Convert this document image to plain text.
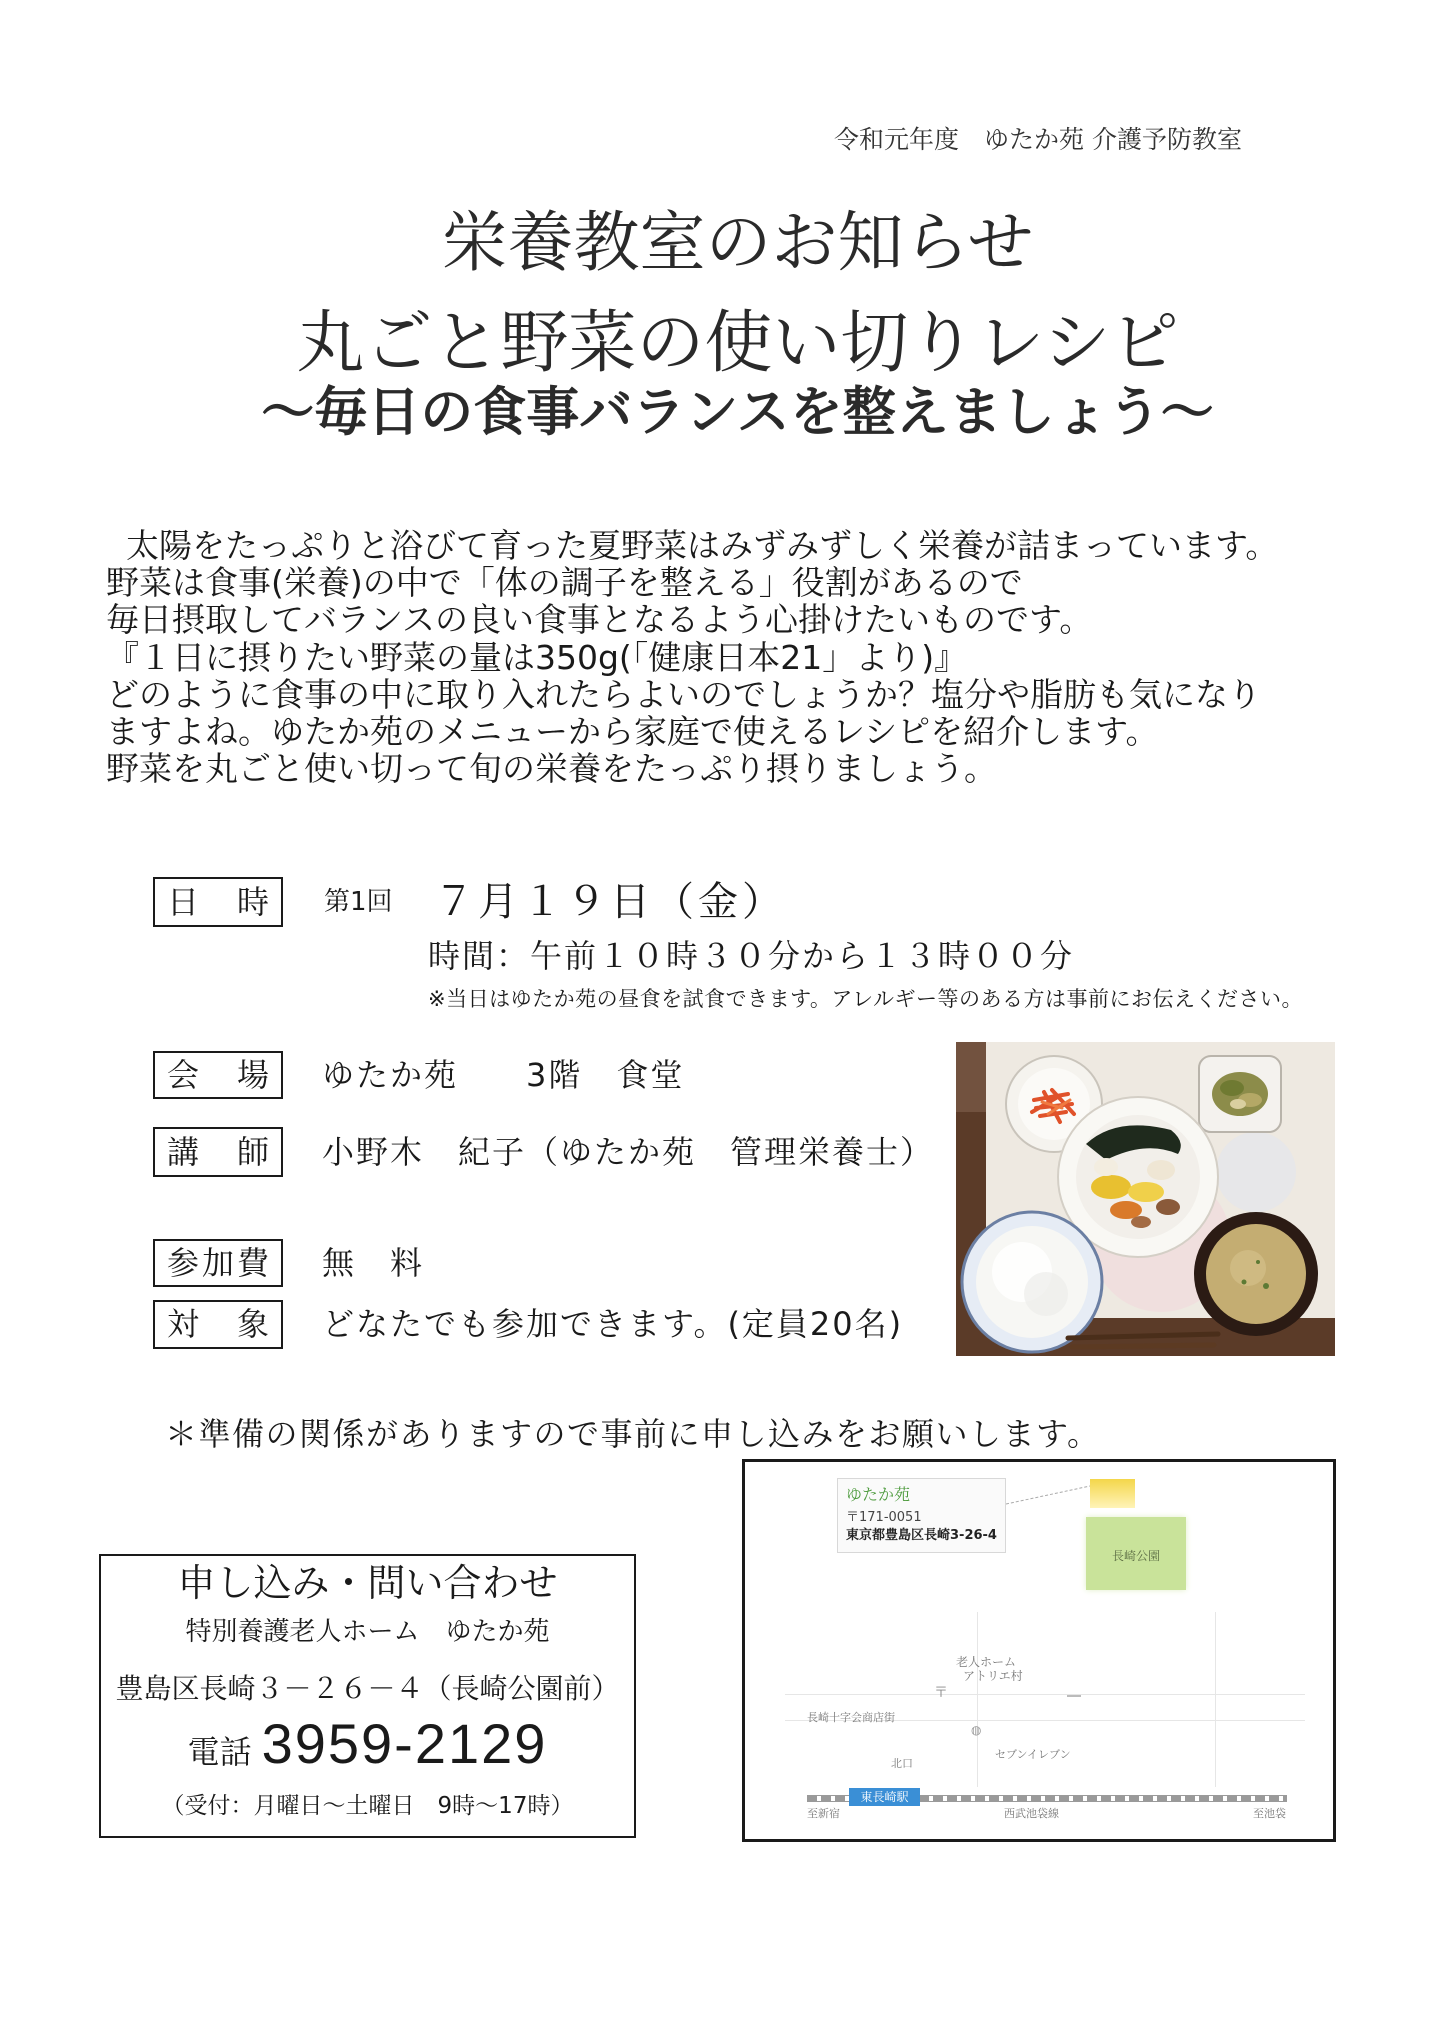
令和元年度　ゆたか苑 介護予防教室
栄養教室のお知らせ
丸ごと野菜の使い切りレシピ
～毎日の食事バランスを整えましょう～
太陽をたっぷりと浴びて育った夏野菜はみずみずしく栄養が詰まっています。
野菜は食事(栄養)の中で「体の調子を整える」役割があるので
毎日摂取してバランスの良い食事となるよう心掛けたいものです。
『１日に摂りたい野菜の量は350g(「健康日本21」より)』
どのように食事の中に取り入れたらよいのでしょうか？塩分や脂肪も気になり
ますよね。ゆたか苑のメニューから家庭で使えるレシピを紹介します。
野菜を丸ごと使い切って旬の栄養をたっぷり摂りましょう。
日　時	第1回 ７月１９日（金）
時間：午前１０時３０分から１３時００分
※当日はゆたか苑の昼食を試食できます。アレルギー等のある方は事前にお伝えください。
会　場	ゆたか苑　　3階　食堂
講　師	小野木　紀子（ゆたか苑　管理栄養士）
参加費	無　料
対　象	どなたでも参加できます。(定員20名)
＊準備の関係がありますので事前に申し込みをお願いします。
申し込み・問い合わせ
特別養護老人ホーム　ゆたか苑
豊島区長崎３－２６－４（長崎公園前）
電話 3959-2129
（受付：月曜日～土曜日　9時～17時）
ゆたか苑
〒171-0051
東京都豊島区長崎3-26-4
長崎公園
老人ホーム
アトリエ村
〒
長崎十字会商店街
◍
セブンイレブン
北口
東長崎駅
至新宿	西武池袋線	至池袋
